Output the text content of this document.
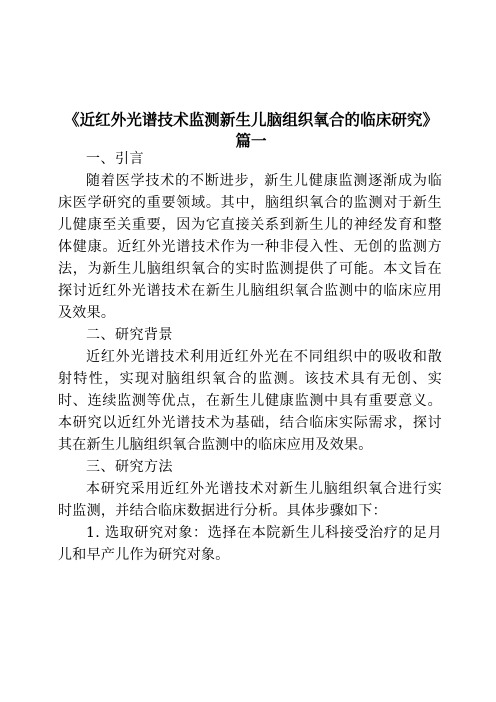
《近红外光谱技术监测新生儿脑组织氧合的临床研究》篇一

一、引言

随着医学技术的不断进步，新生儿健康监测逐渐成为临床医学研究的重要领域。其中，脑组织氧合的监测对于新生儿健康至关重要，因为它直接关系到新生儿的神经发育和整体健康。近红外光谱技术作为一种非侵入性、无创的监测方法，为新生儿脑组织氧合的实时监测提供了可能。本文旨在探讨近红外光谱技术在新生儿脑组织氧合监测中的临床应用及效果。

二、研究背景

近红外光谱技术利用近红外光在不同组织中的吸收和散射特性，实现对脑组织氧合的监测。该技术具有无创、实时、连续监测等优点，在新生儿健康监测中具有重要意义。本研究以近红外光谱技术为基础，结合临床实际需求，探讨其在新生儿脑组织氧合监测中的临床应用及效果。

三、研究方法

本研究采用近红外光谱技术对新生儿脑组织氧合进行实时监测，并结合临床数据进行分析。具体步骤如下：

1. 选取研究对象：选择在本院新生儿科接受治疗的足月儿和早产儿作为研究对象。
